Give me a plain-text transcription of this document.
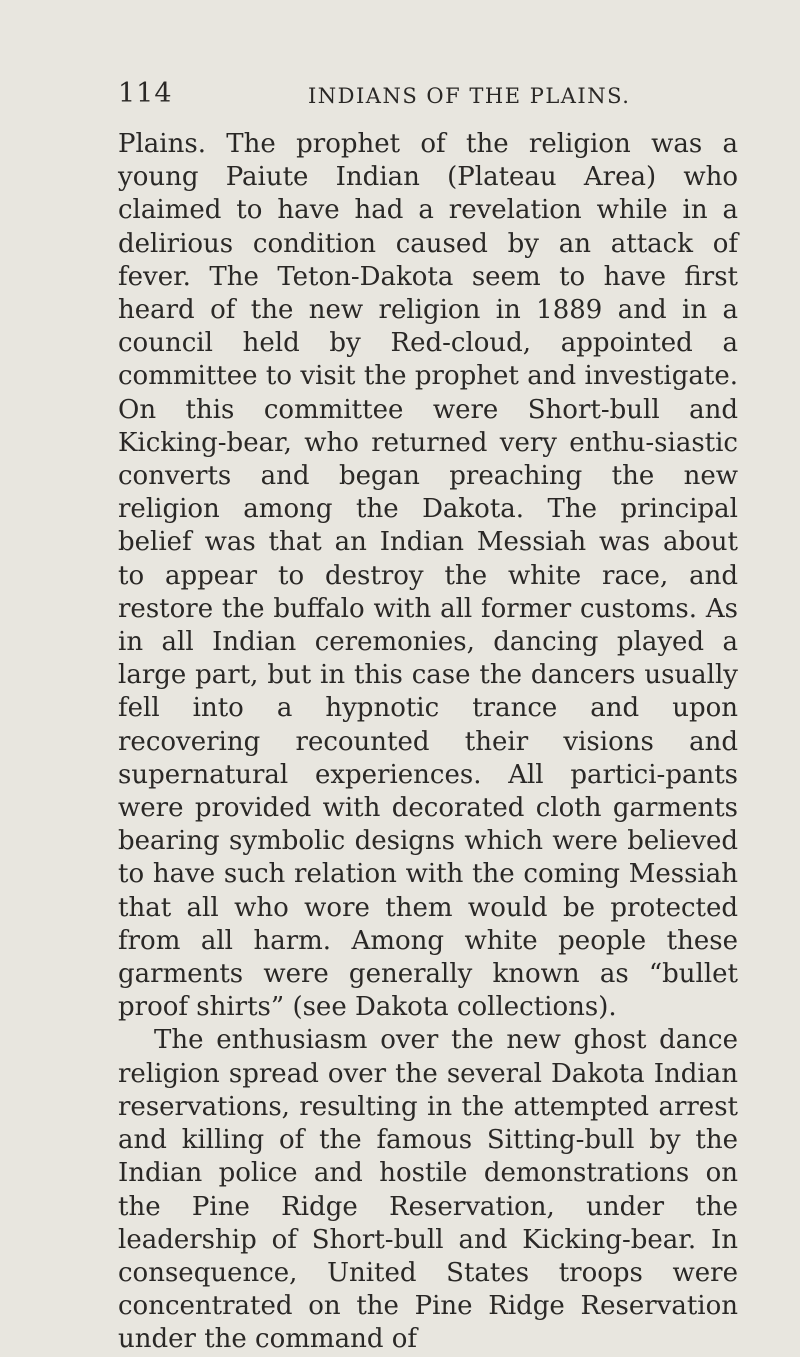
114	INDIANS OF THE PLAINS.

Plains. The prophet of the religion was a young Paiute Indian (Plateau Area) who claimed to have had a revelation while in a delirious condition caused by an attack of fever. The Teton-Dakota seem to have first heard of the new religion in 1889 and in a council held by Red-cloud, appointed a committee to visit the prophet and investigate. On this committee were Short-bull and Kicking-bear, who returned very enthu-siastic converts and began preaching the new religion among the Dakota. The principal belief was that an Indian Messiah was about to appear to destroy the white race, and restore the buffalo with all former customs. As in all Indian ceremonies, dancing played a large part, but in this case the dancers usually fell into a hypnotic trance and upon recovering recounted their visions and supernatural experiences. All partici-pants were provided with decorated cloth garments bearing symbolic designs which were believed to have such relation with the coming Messiah that all who wore them would be protected from all harm. Among white people these garments were generally known as “bullet proof shirts” (see Dakota collections).

The enthusiasm over the new ghost dance religion spread over the several Dakota Indian reservations, resulting in the attempted arrest and killing of the famous Sitting-bull by the Indian police and hostile demonstrations on the Pine Ridge Reservation, under the leadership of Short-bull and Kicking-bear. In consequence, United States troops were concentrated on the Pine Ridge Reservation under the command of
